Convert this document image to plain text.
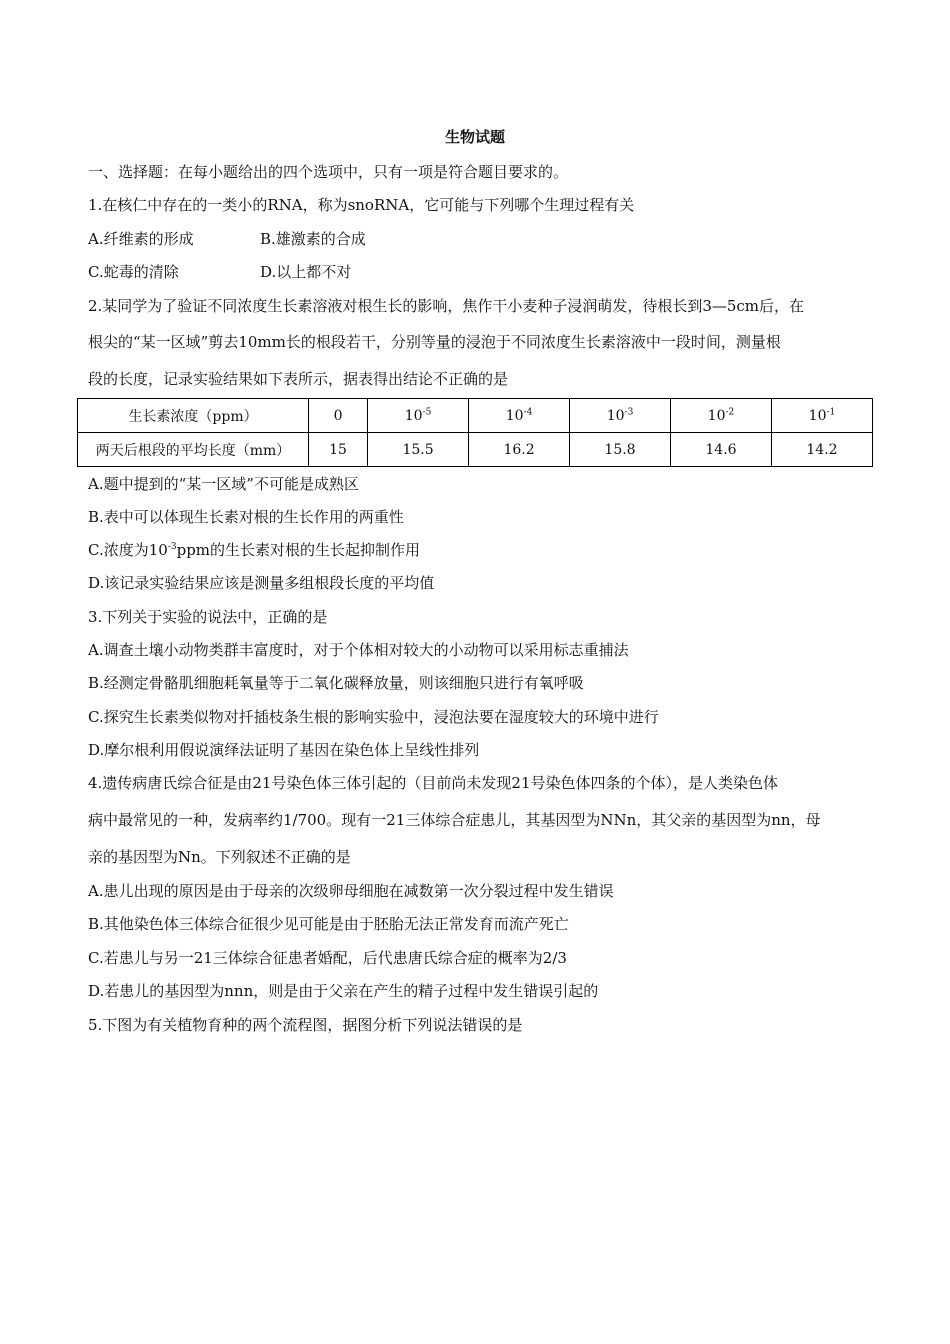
生物试题
一、选择题：在每小题给出的四个选项中，只有一项是符合题目要求的。
1.在核仁中存在的一类小的RNA，称为snoRNA，它可能与下列哪个生理过程有关
A.纤维素的形成	B.雄激素的合成
C.蛇毒的清除	D.以上都不对
2.某同学为了验证不同浓度生长素溶液对根生长的影响，焦作干小麦种子浸润萌发，待根长到3—5cm后，在
根尖的“某一区域”剪去10mm长的根段若干，分别等量的浸泡于不同浓度生长素溶液中一段时间，测量根
段的长度，记录实验结果如下表所示，据表得出结论不正确的是
生长素浓度（ppm）	0	$10^{-5}$	$10^{-4}$	$10^{-3}$	$10^{-2}$	$10^{-1}$
两天后根段的平均长度（mm）	15	15.5	16.2	15.8	14.6	14.2
A.题中提到的“某一区域”不可能是成熟区
B.表中可以体现生长素对根的生长作用的两重性
C.浓度为$10^{-3}ppm$的生长素对根的生长起抑制作用
D.该记录实验结果应该是测量多组根段长度的平均值
3.下列关于实验的说法中，正确的是
A.调查土壤小动物类群丰富度时，对于个体相对较大的小动物可以采用标志重捕法
B.经测定骨骼肌细胞耗氧量等于二氧化碳释放量，则该细胞只进行有氧呼吸
C.探究生长素类似物对扦插枝条生根的影响实验中，浸泡法要在湿度较大的环境中进行
D.摩尔根利用假说演绎法证明了基因在染色体上呈线性排列
4.遗传病唐氏综合征是由21号染色体三体引起的（目前尚未发现21号染色体四条的个体），是人类染色体
病中最常见的一种，发病率约1/700。现有一21三体综合症患儿，其基因型为NNn，其父亲的基因型为nn，母
亲的基因型为Nn。下列叙述不正确的是
A.患儿出现的原因是由于母亲的次级卵母细胞在减数第一次分裂过程中发生错误
B.其他染色体三体综合征很少见可能是由于胚胎无法正常发育而流产死亡
C.若患儿与另一21三体综合征患者婚配，后代患唐氏综合症的概率为2/3
D.若患儿的基因型为nnn，则是由于父亲在产生的精子过程中发生错误引起的
5.下图为有关植物育种的两个流程图，据图分析下列说法错误的是
